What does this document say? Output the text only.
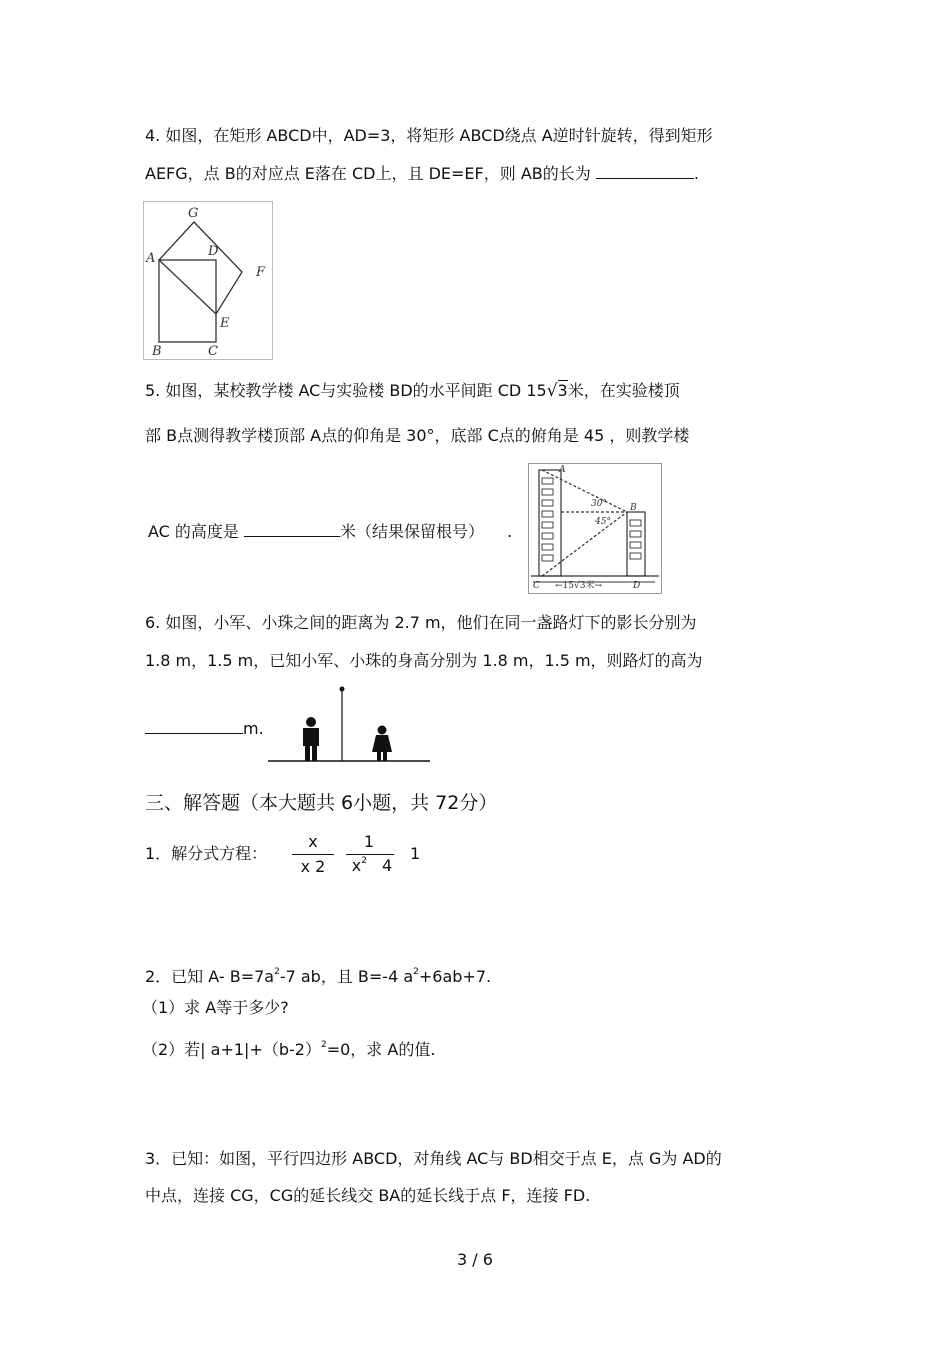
4. 如图，在矩形 ABCD中，AD=3，将矩形 ABCD绕点 A逆时针旋转，得到矩形
AEFG，点 B的对应点 E落在 CD上，且 DE=EF，则 AB的长为	.
G
D
A
F
E
B	C
5. 如图，某校教学楼 AC与实验楼 BD的水平间距 CD 15√3米，在实验楼顶
部 B点测得教学楼顶部 A点的仰角是 30°，底部 C点的俯角是 45 ，则教学楼
AC 的高度是	米（结果保留根号） .
A
B
C	D
30°
45°
←15√3米→
6. 如图，小军、小珠之间的距离为 2.7 m，他们在同一盏路灯下的影长分别为
1.8 m，1.5 m，已知小军、小珠的身高分别为 1.8 m，1.5 m，则路灯的高为
m.
三、解答题（本大题共 6小题，共 72分）
1．解分式方程：
x
x 2
1
$x^2$ 4
1
2．已知 A- $B=7a^2-7$ ab，且 B=-4 $a^2+6ab+7$.
（1）求 A等于多少?
（2）若| $a+1|+(b-2)^2=0$，求 A的值.
3．已知：如图，平行四边形 ABCD，对角线 AC与 BD相交于点 E，点 G为 AD的
中点，连接 CG，CG的延长线交 BA的延长线于点 F，连接 FD.
3 / 6
